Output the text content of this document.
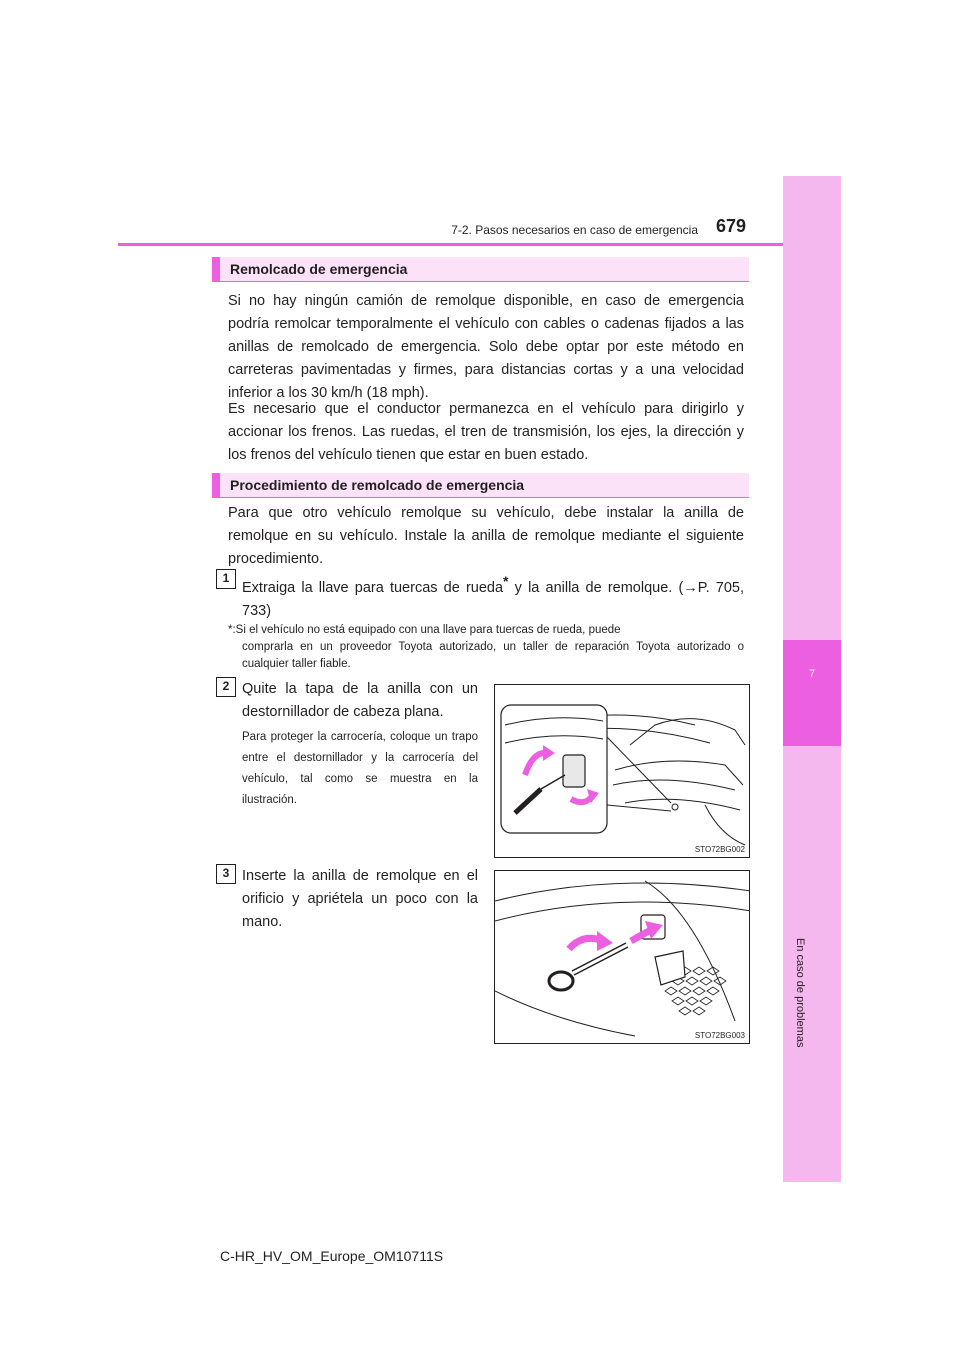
7
En caso de problemas
7-2. Pasos necesarios en caso de emergencia 679
Remolcado de emergencia
Si no hay ningún camión de remolque disponible, en caso de emergencia podría remolcar temporalmente el vehículo con cables o cadenas fijados a las anillas de remolcado de emergencia. Solo debe optar por este método en carreteras pavimentadas y firmes, para distancias cortas y a una velocidad inferior a los 30 km/h (18 mph).
Es necesario que el conductor permanezca en el vehículo para dirigirlo y accionar los frenos. Las ruedas, el tren de transmisión, los ejes, la dirección y los frenos del vehículo tienen que estar en buen estado.
Procedimiento de remolcado de emergencia
Para que otro vehículo remolque su vehículo, debe instalar la anilla de remolque en su vehículo. Instale la anilla de remolque mediante el siguiente procedimiento.
1
Extraiga la llave para tuercas de rueda* y la anilla de remolque. (→P. 705, 733)
*:Si el vehículo no está equipado con una llave para tuercas de rueda, puede
comprarla en un proveedor Toyota autorizado, un taller de reparación Toyota autorizado o cualquier taller fiable.
2 Quite la tapa de la anilla con un destornillador de cabeza plana.
Para proteger la carrocería, coloque un trapo entre el destornillador y la carrocería del vehículo, tal como se muestra en la ilustración.
STO72BG002
3 Inserte la anilla de remolque en el orificio y apriétela un poco con la mano.
STO72BG003
C-HR_HV_OM_Europe_OM10711S
